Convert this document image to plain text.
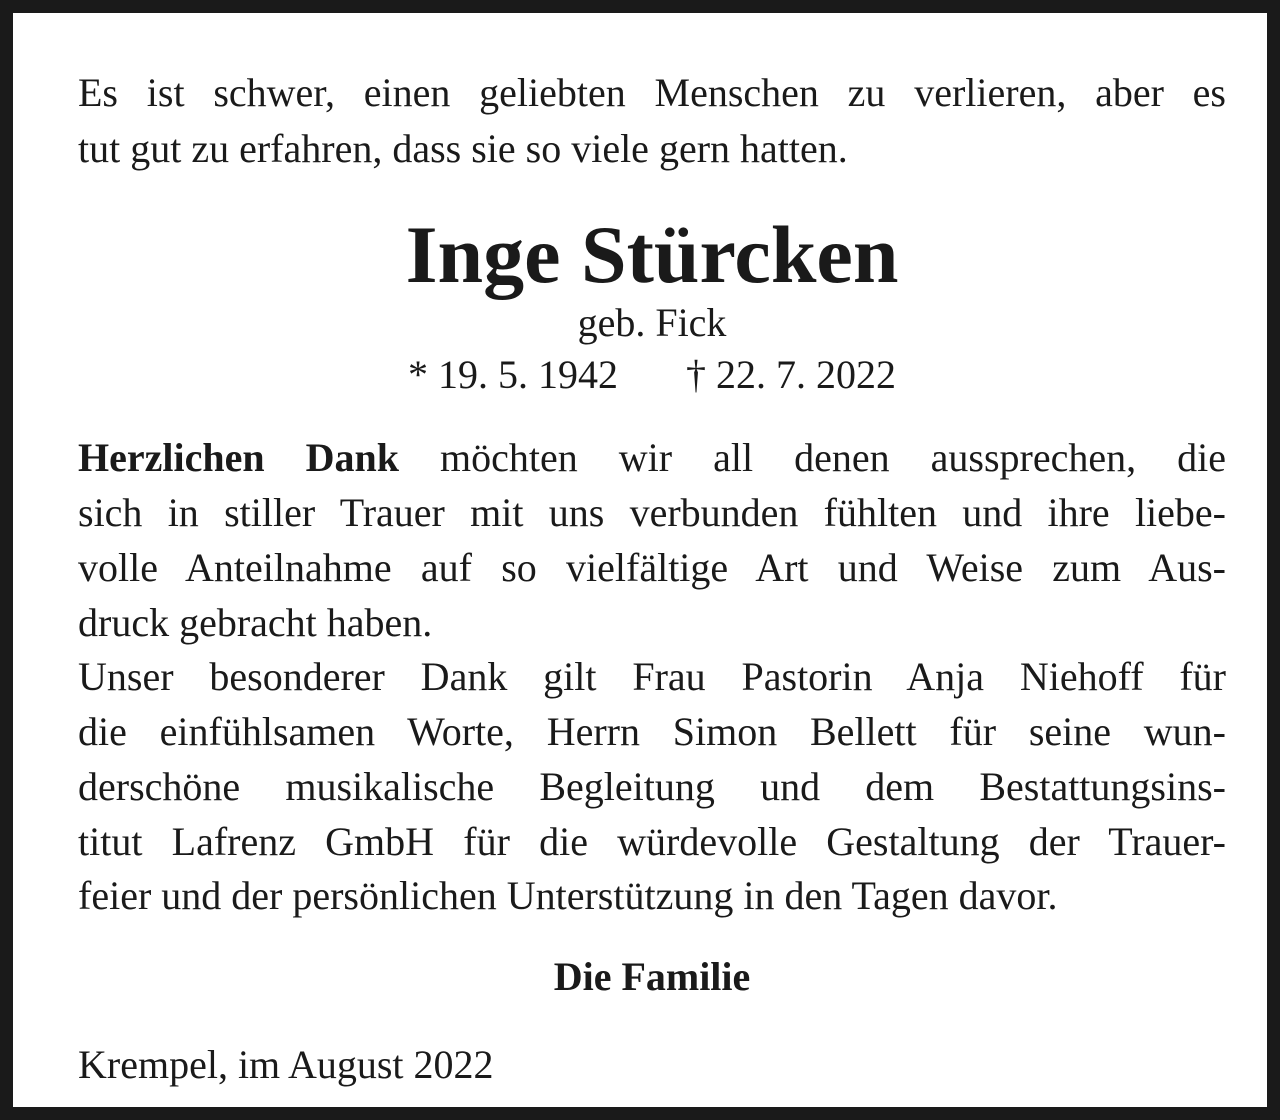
Es ist schwer, einen geliebten Menschen zu verlieren, aber es
tut gut zu erfahren, dass sie so viele gern hatten.
Inge Stürcken
geb. Fick
* 19. 5. 1942 † 22. 7. 2022
Herzlichen Dank möchten wir all denen aussprechen, die
sich in stiller Trauer mit uns verbunden fühlten und ihre liebe-
volle Anteilnahme auf so vielfältige Art und Weise zum Aus-
druck gebracht haben.
Unser besonderer Dank gilt Frau Pastorin Anja Niehoff für
die einfühlsamen Worte, Herrn Simon Bellett für seine wun-
derschöne musikalische Begleitung und dem Bestattungsins-
titut Lafrenz GmbH für die würdevolle Gestaltung der Trauer-
feier und der persönlichen Unterstützung in den Tagen davor.
Die Familie
Krempel, im August 2022
